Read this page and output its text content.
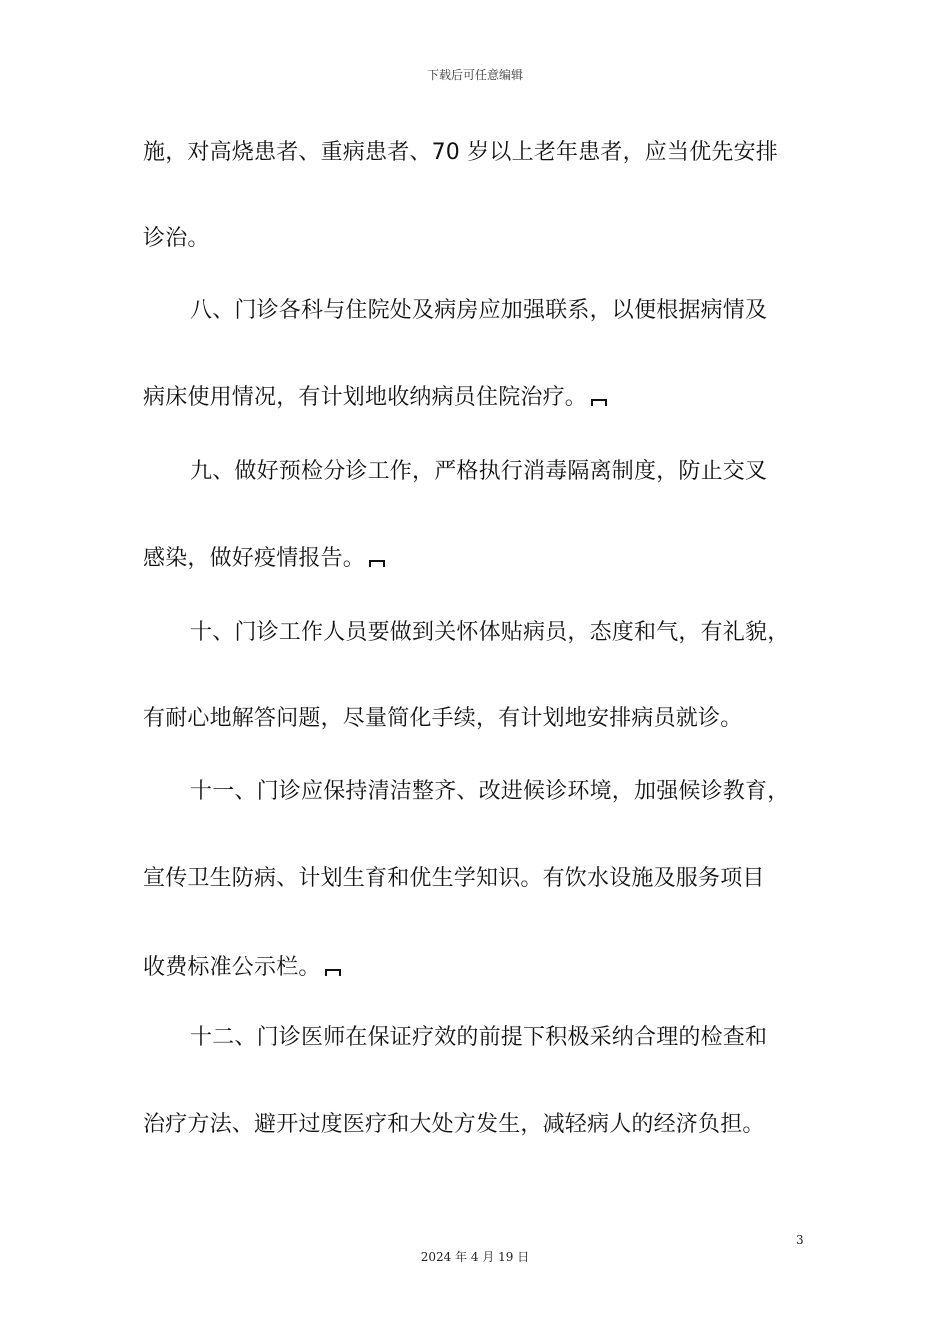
下载后可任意编辑
施，对高烧患者、重病患者、70 岁以上老年患者，应当优先安排
诊治。
八、门诊各科与住院处及病房应加强联系，以便根据病情及
病床使用情况，有计划地收纳病员住院治疗。
九、做好预检分诊工作，严格执行消毒隔离制度，防止交叉
感染，做好疫情报告。
十、门诊工作人员要做到关怀体贴病员，态度和气，有礼貌，
有耐心地解答问题，尽量简化手续，有计划地安排病员就诊。
十一、门诊应保持清洁整齐、改进候诊环境，加强候诊教育，
宣传卫生防病、计划生育和优生学知识。有饮水设施及服务项目
收费标准公示栏。
十二、门诊医师在保证疗效的前提下积极采纳合理的检查和
治疗方法、避开过度医疗和大处方发生，减轻病人的经济负担。
3
2024 年 4 月 19 日
